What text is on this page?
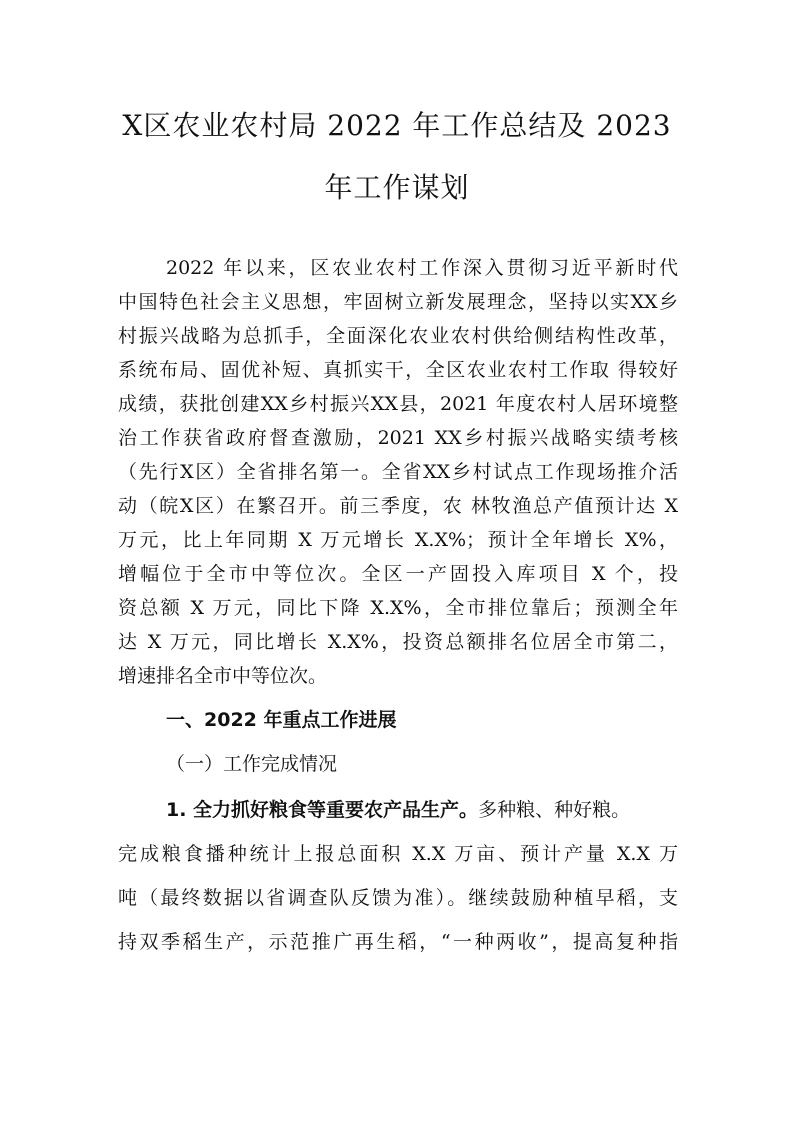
X区农业农村局 2022 年工作总结及 2023
年工作谋划
2022 年以来，区农业农村工作深入贯彻习近平新时代
中国特色社会主义思想，牢固树立新发展理念，坚持以实XX乡
村振兴战略为总抓手，全面深化农业农村供给侧结构性改革，
系统布局、固优补短、真抓实干，全区农业农村工作取 得较好
成绩，获批创建XX乡村振兴XX县，2021 年度农村人居环境整
治工作获省政府督查激励，2021 XX乡村振兴战略实绩考核
（先行X区）全省排名第一。全省XX乡村试点工作现场推介活
动（皖X区）在繁召开。前三季度，农 林牧渔总产值预计达 X
万元，比上年同期 X 万元增长 X.X%；预计全年增长 X%，
增幅位于全市中等位次。全区一产固投入库项目 X 个，投
资总额 X 万元，同比下降 X.X%，全市排位靠后；预测全年
达 X 万元，同比增长 X.X%，投资总额排名位居全市第二，
增速排名全市中等位次。
一、2022 年重点工作进展
（一）工作完成情况
1. 全力抓好粮食等重要农产品生产。多种粮、种好粮。
完成粮食播种统计上报总面积 X.X 万亩、预计产量 X.X 万
吨（最终数据以省调查队反馈为准）。继续鼓励种植早稻，支
持双季稻生产，示范推广再生稻，“一种两收”，提高复种指
